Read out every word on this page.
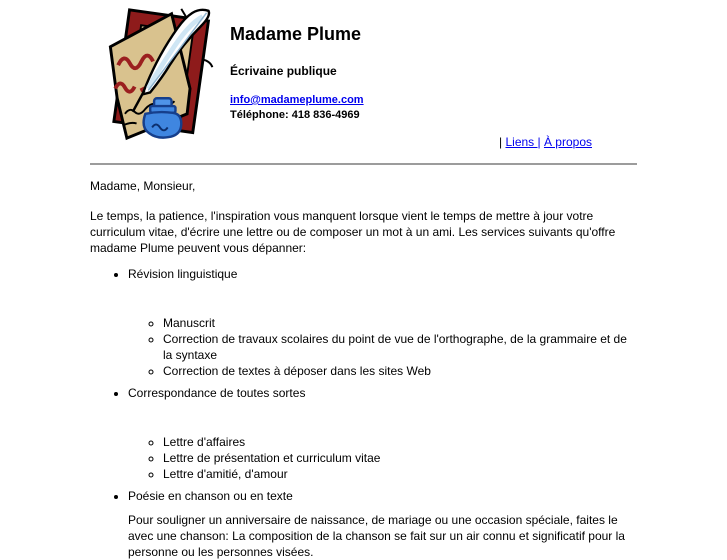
Madame Plume
Écrivaine publique
info@madameplume.com
Téléphone: 418 836-4969
| Liens | À propos

Madame, Monsieur,

Le temps, la patience, l'inspiration vous manquent lorsque vient le temps de mettre à jour votre curriculum vitae, d'écrire une lettre ou de composer un mot à un ami. Les services suivants qu'offre madame Plume peuvent vous dépanner:

• Révision linguistique
◦ Manuscrit
◦ Correction de travaux scolaires du point de vue de l'orthographe, de la grammaire et de la syntaxe
◦ Correction de textes à déposer dans les sites Web
• Correspondance de toutes sortes
◦ Lettre d'affaires
◦ Lettre de présentation et curriculum vitae
◦ Lettre d'amitié, d'amour
• Poésie en chanson ou en texte

Pour souligner un anniversaire de naissance, de mariage ou une occasion spéciale, faites le avec une chanson: La composition de la chanson se fait sur un air connu et significatif pour la personne ou les personnes visées.
